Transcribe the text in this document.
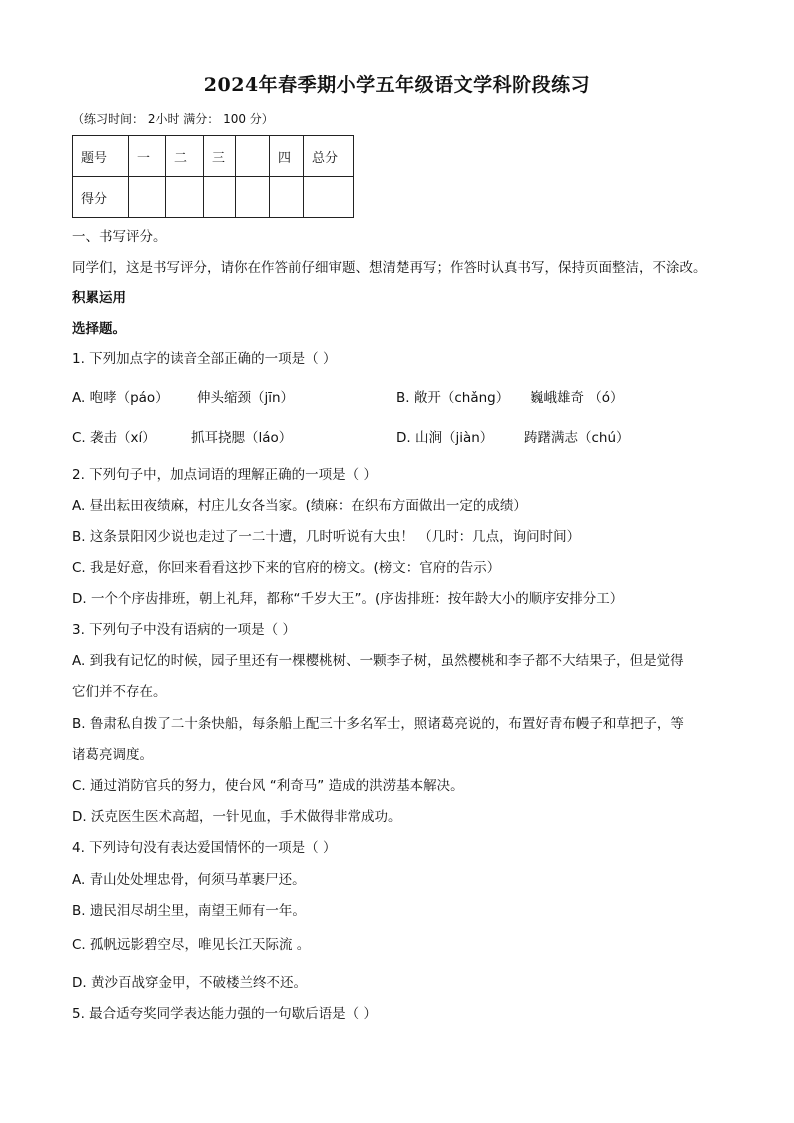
2024年春季期小学五年级语文学科阶段练习
（练习时间： 2小时 满分： 100 分）
题号	一	二	三		四	总分
得分						
一、书写评分。
同学们，这是书写评分，请你在作答前仔细审题、想清楚再写；作答时认真书写，保持页面整洁，不涂改。
积累运用
选择题。
1. 下列加点字的读音全部正确的一项是（ ）
A. 咆哮（páo） 伸头缩颈（jīn）	B. 敞开（chǎng） 巍峨雄奇 （ó）
C. 袭击（xí）	抓耳挠腮（láo）	D. 山涧（jiàn） 踌躇满志（chú）
2. 下列句子中，加点词语的理解正确的一项是（ ）
A. 昼出耘田夜绩麻，村庄儿女各当家。(绩麻：在织布方面做出一定的成绩）
B. 这条景阳冈少说也走过了一二十遭，几时听说有大虫！ （几时：几点，询问时间）
C. 我是好意，你回来看看这抄下来的官府的榜文。(榜文：官府的告示）
D. 一个个序齿排班，朝上礼拜，都称“千岁大王”。(序齿排班：按年龄大小的顺序安排分工）
3. 下列句子中没有语病的一项是（ ）
A. 到我有记忆的时候，园子里还有一棵樱桃树、一颗李子树，虽然樱桃和李子都不大结果子，但是觉得
它们并不存在。
B. 鲁肃私自拨了二十条快船，每条船上配三十多名军士，照诸葛亮说的，布置好青布幔子和草把子，等
诸葛亮调度。
C. 通过消防官兵的努力，使台风 “利奇马” 造成的洪涝基本解决。
D. 沃克医生医术高超，一针见血，手术做得非常成功。
4. 下列诗句没有表达爱国情怀的一项是（ ）
A. 青山处处埋忠骨，何须马革裹尸还。
B. 遗民泪尽胡尘里，南望王师有一年。
C. 孤帆远影碧空尽，唯见长江天际流 。
D. 黄沙百战穿金甲，不破楼兰终不还。
5. 最合适夸奖同学表达能力强的一句歇后语是（ ）
